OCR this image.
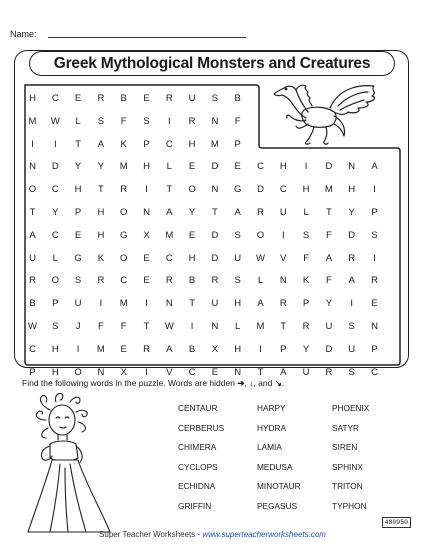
Name:
Greek Mythological Monsters and Creatures
H	C	E	R	B	E	R	U	S	B
M	W	L	S	F	S	I	R	N	F
I	I	T	A	K	P	C	H	M	P
N	D	Y	Y	M	H	L	E	D	E	C	H	I	D	N	A
O	C	H	T	R	I	T	O	N	G	D	C	H	M	H	I
T	Y	P	H	O	N	A	Y	T	A	R	U	L	T	Y	P
A	C	E	H	G	X	M	E	D	S	O	I	S	F	D	S
U	L	G	K	O	E	C	H	D	U	W	V	F	A	R	I
R	O	S	R	C	E	R	B	R	S	L	N	K	F	A	R
B	P	U	I	M	I	N	T	U	H	A	R	P	Y	I	E
W	S	J	F	F	T	W	I	N	L	M	T	R	U	S	N
C	H	I	M	E	R	A	B	X	H	I	P	Y	D	U	P
P	H	O	N	X	I	V	C	E	N	T	A	U	R	S	C
Find the following words in the puzzle. Words are hidden ➔, ↓, and ↘.
CENTAUR
CERBERUS
CHIMERA
CYCLOPS
ECHIDNA
GRIFFIN
HARPY
HYDRA
LAMIA
MEDUSA
MINOTAUR
PEGASUS
PHOENIX
SATYR
SIREN
SPHINX
TRITON
TYPHON
480950
Super Teacher Worksheets - www.superteacherworksheets.com
